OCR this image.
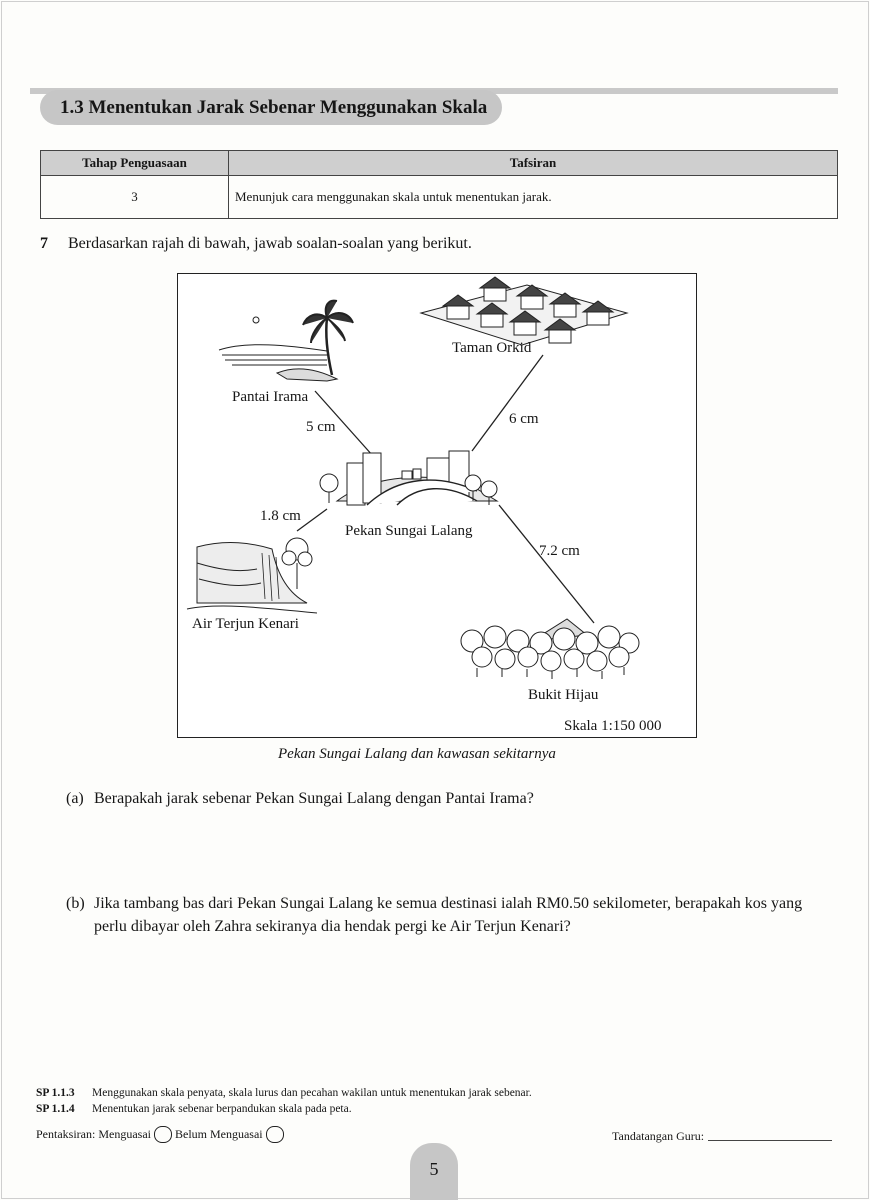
1.3 Menentukan Jarak Sebenar Menggunakan Skala
Tahap Penguasaan	Tafsiran
3	Menunjuk cara menggunakan skala untuk menentukan jarak.
7 Berdasarkan rajah di bawah, jawab soalan-soalan yang berikut.
Taman Orkid
Pantai Irama
5 cm	6 cm
1.8 cm
Pekan Sungai Lalang
7.2 cm
Air Terjun Kenari
Bukit Hijau
Skala 1:150 000
Pekan Sungai Lalang dan kawasan sekitarnya
(a) Berapakah jarak sebenar Pekan Sungai Lalang dengan Pantai Irama?
(b) Jika tambang bas dari Pekan Sungai Lalang ke semua destinasi ialah RM0.50 sekilometer, berapakah kos yang perlu dibayar oleh Zahra sekiranya dia hendak pergi ke Air Terjun Kenari?
SP 1.1.3 Menggunakan skala penyata, skala lurus dan pecahan wakilan untuk menentukan jarak sebenar.
SP 1.1.4 Menentukan jarak sebenar berpandukan skala pada peta.
Pentaksiran: Menguasai Belum Menguasai	Tandatangan Guru:
5
